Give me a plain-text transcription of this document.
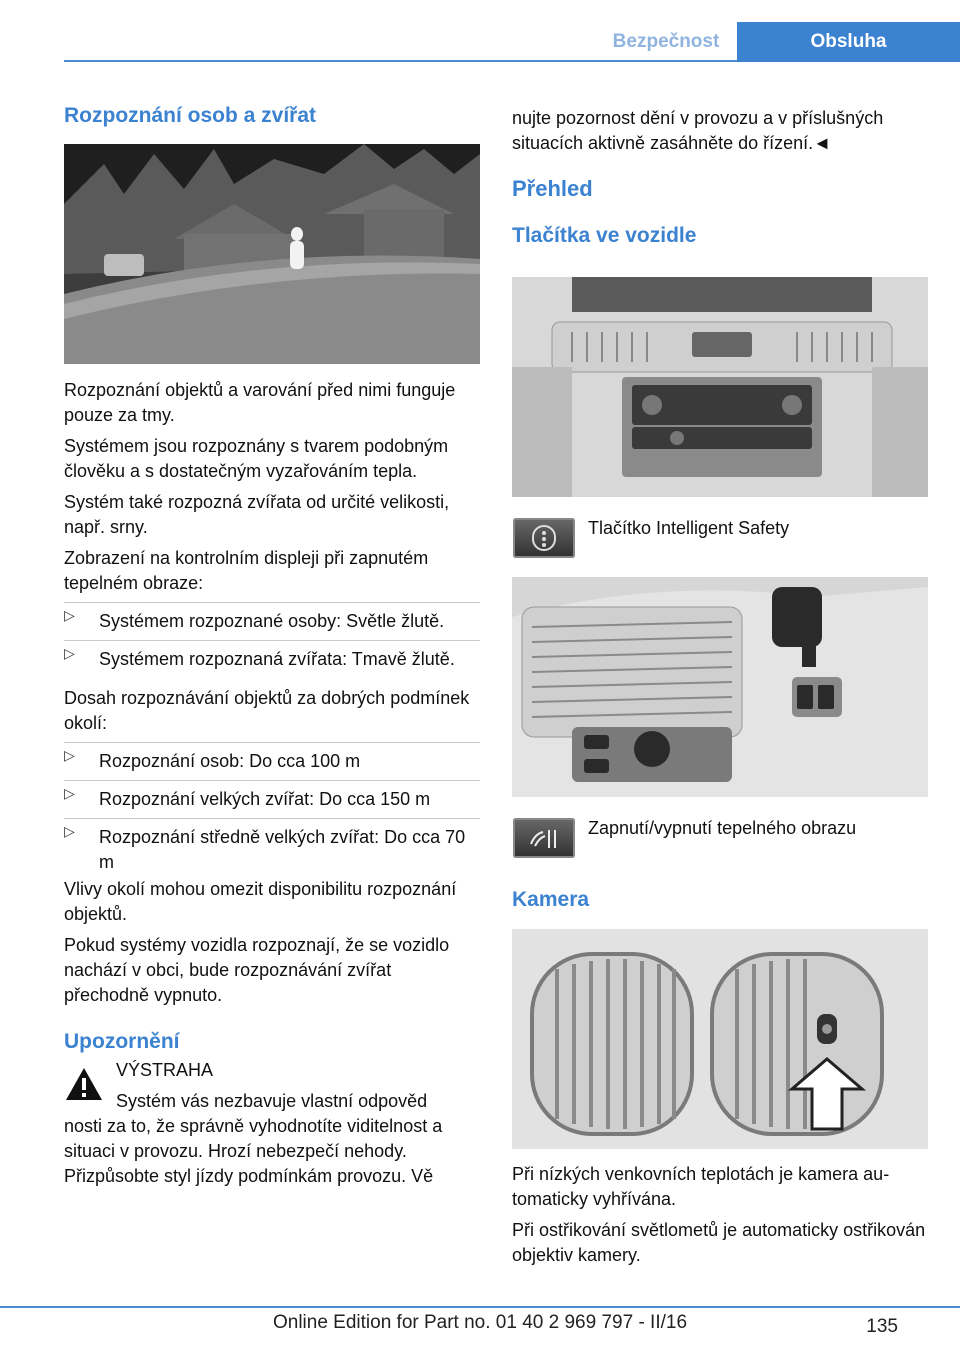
Bezpečnost	Obsluha
Rozpoznání osob a zvířat

Rozpoznání objektů a varování před nimi funguje pouze za tmy.

Systémem jsou rozpoznány s tvarem podobným člověku a s dostatečným vyzařováním tepla.

Systém také rozpozná zvířata od určité velikosti, např. srny.

Zobrazení na kontrolním displeji při zapnutém tepelném obraze:

▷ Systémem rozpoznané osoby: Světle žlutě.
▷ Systémem rozpoznaná zvířata: Tmavě žlutě.

Dosah rozpoznávání objektů za dobrých podmínek okolí:

▷ Rozpoznání osob: Do cca 100 m
▷ Rozpoznání velkých zvířat: Do cca 150 m
▷ Rozpoznání středně velkých zvířat: Do cca 70 m

Vlivy okolí mohou omezit disponibilitu rozpoznání objektů.

Pokud systémy vozidla rozpoznají, že se vozidlo nachází v obci, bude rozpoznávání zvířat přechodně vypnuto.

Upozornění

VÝSTRAHA

Systém vás nezbavuje vlastní odpověd

nosti za to, že správně vyhodnotíte viditelnost a situaci v provozu. Hrozí nebezpečí nehody. Přizpůsobte styl jízdy podmínkám provozu. Vě

nujte pozornost dění v provozu a v příslušných situacích aktivně zasáhněte do řízení.◄

Přehled
Tlačítka ve vozidle

Tlačítko Intelligent Safety

Zapnutí/vypnutí tepelného obrazu

Kamera

Při nízkých venkovních teplotách je kamera automaticky vyhřívána.

Při ostřikování světlometů je automaticky ostřikován objektiv kamery.

135
Online Edition for Part no. 01 40 2 969 797 - II/16
